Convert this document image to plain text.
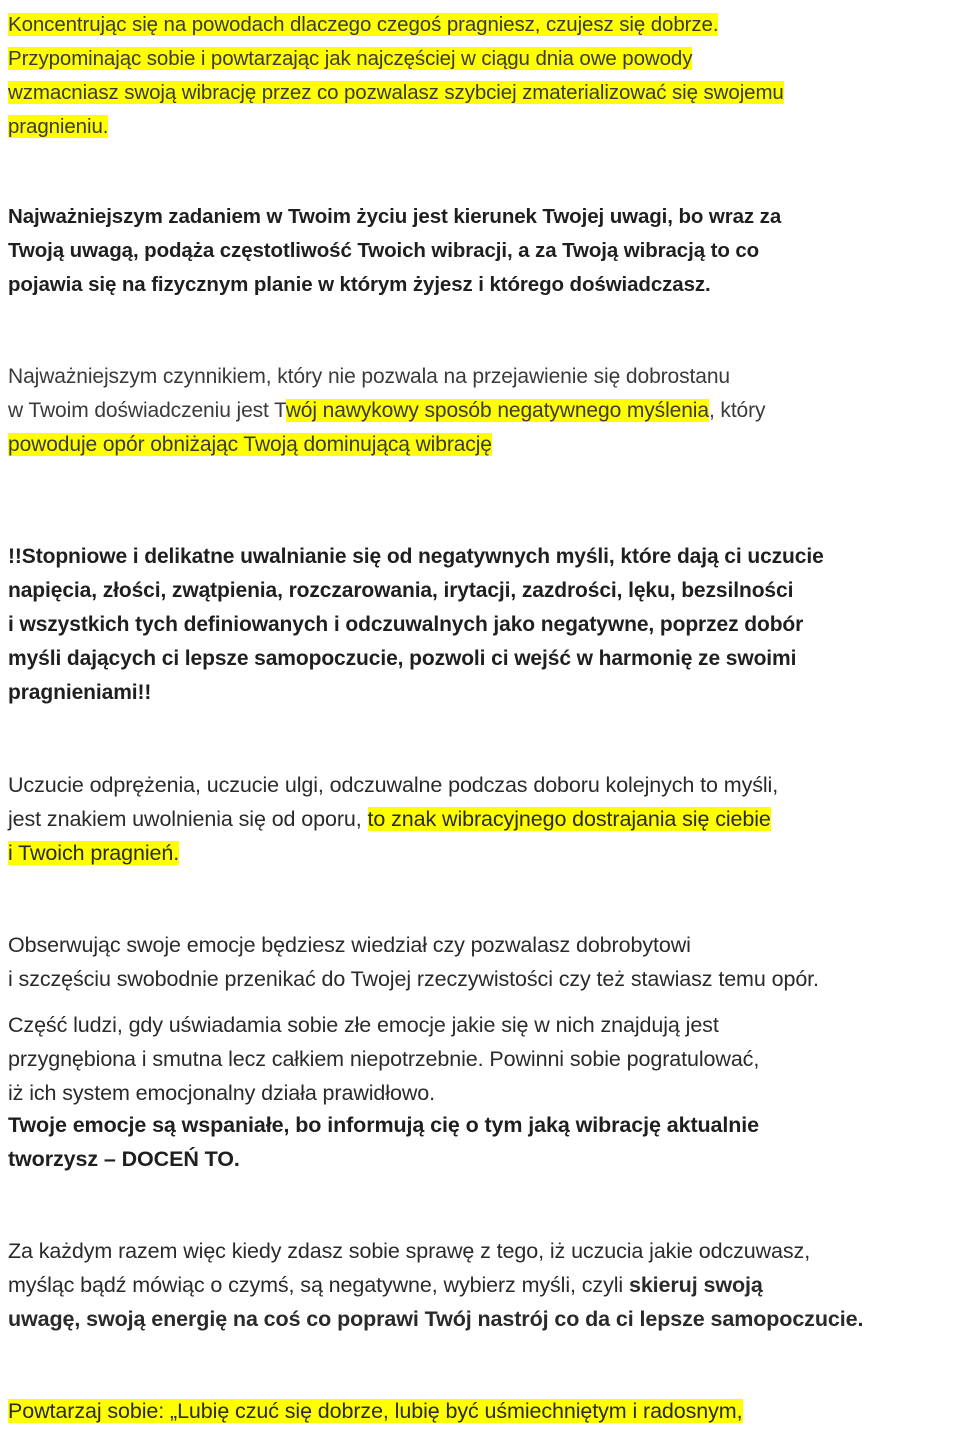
Koncentrując się na powodach dlaczego czegoś pragniesz, czujesz się dobrze.
Przypominając sobie i powtarzając jak najczęściej w ciągu dnia owe powody
wzmacniasz swoją wibrację przez co pozwalasz szybciej zmaterializować się swojemu
pragnieniu.

Najważniejszym zadaniem w Twoim życiu jest kierunek Twojej uwagi, bo wraz za
Twoją uwagą, podąża częstotliwość Twoich wibracji, a za Twoją wibracją to co
pojawia się na fizycznym planie w którym żyjesz i którego doświadczasz.

Najważniejszym czynnikiem, który nie pozwala na przejawienie się dobrostanu
w Twoim doświadczeniu jest Twój nawykowy sposób negatywnego myślenia, który
powoduje opór obniżając Twoją dominującą wibrację

!!Stopniowe i delikatne uwalnianie się od negatywnych myśli, które dają ci uczucie
napięcia, złości, zwątpienia, rozczarowania, irytacji, zazdrości, lęku, bezsilności
i wszystkich tych definiowanych i odczuwalnych jako negatywne, poprzez dobór
myśli dających ci lepsze samopoczucie, pozwoli ci wejść w harmonię ze swoimi
pragnieniami!!

Uczucie odprężenia, uczucie ulgi, odczuwalne podczas doboru kolejnych to myśli,
jest znakiem uwolnienia się od oporu, to znak wibracyjnego dostrajania się ciebie
i Twoich pragnień.

Obserwując swoje emocje będziesz wiedział czy pozwalasz dobrobytowi
i szczęściu swobodnie przenikać do Twojej rzeczywistości czy też stawiasz temu opór.

Część ludzi, gdy uświadamia sobie złe emocje jakie się w nich znajdują jest
przygnębiona i smutna lecz całkiem niepotrzebnie. Powinni sobie pogratulować,
iż ich system emocjonalny działa prawidłowo.

Twoje emocje są wspaniałe, bo informują cię o tym jaką wibrację aktualnie
tworzysz – DOCEŃ TO.

Za każdym razem więc kiedy zdasz sobie sprawę z tego, iż uczucia jakie odczuwasz,
myśląc bądź mówiąc o czymś, są negatywne, wybierz myśli, czyli skieruj swoją
uwagę, swoją energię na coś co poprawi Twój nastrój co da ci lepsze samopoczucie.

Powtarzaj sobie: „Lubię czuć się dobrze, lubię być uśmiechniętym i radosnym,
